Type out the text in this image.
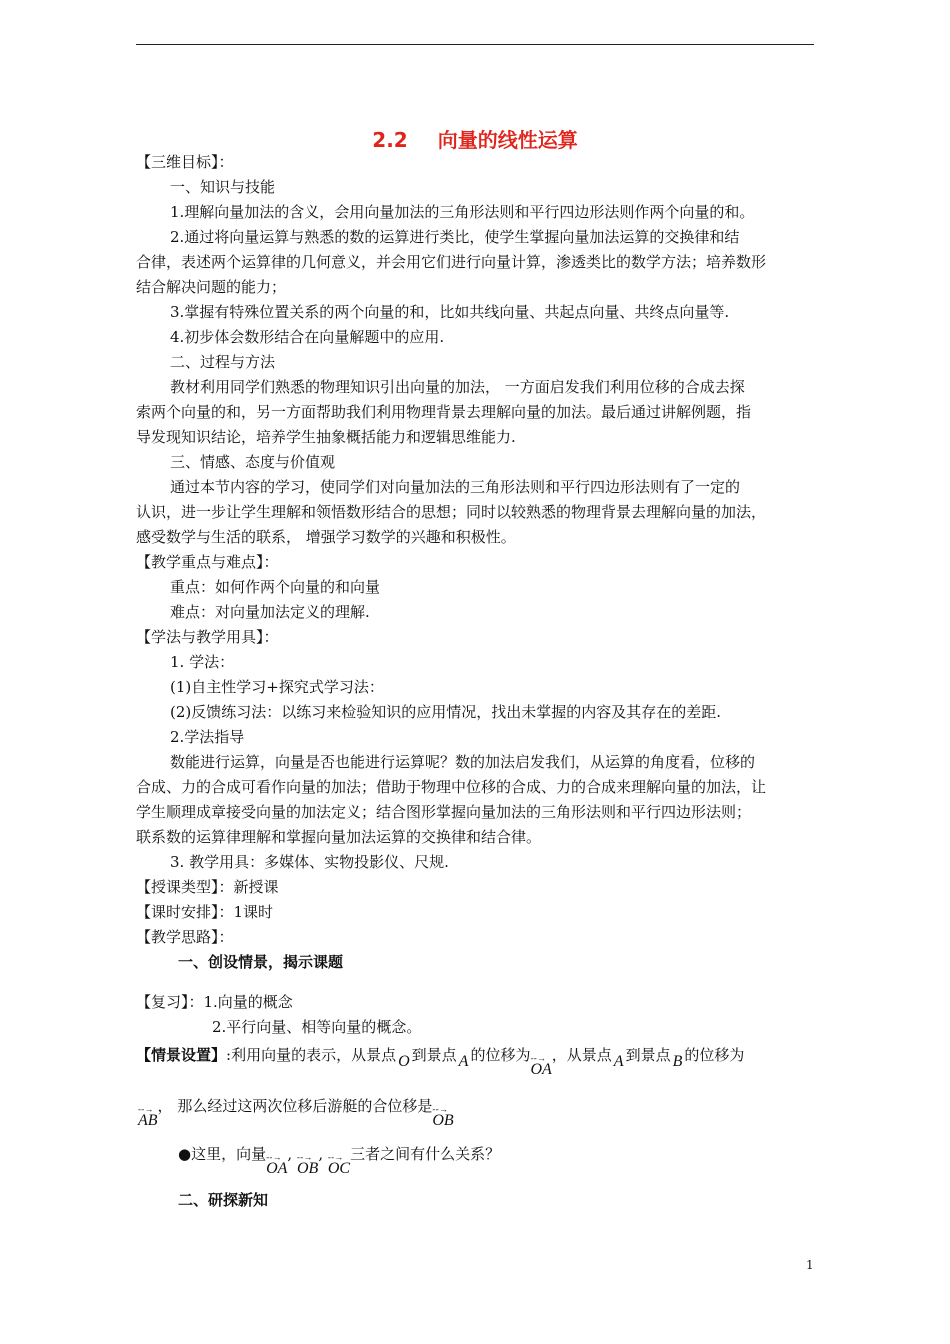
2.2 向量的线性运算
【三维目标】：
一、知识与技能
1.理解向量加法的含义，会用向量加法的三角形法则和平行四边形法则作两个向量的和。
2.通过将向量运算与熟悉的数的运算进行类比，使学生掌握向量加法运算的交换律和结
合律，表述两个运算律的几何意义，并会用它们进行向量计算，渗透类比的数学方法；培养数形
结合解决问题的能力；
3.掌握有特殊位置关系的两个向量的和，比如共线向量、共起点向量、共终点向量等.
4.初步体会数形结合在向量解题中的应用.
二、过程与方法
教材利用同学们熟悉的物理知识引出向量的加法， 一方面启发我们利用位移的合成去探
索两个向量的和，另一方面帮助我们利用物理背景去理解向量的加法。最后通过讲解例题，指
导发现知识结论，培养学生抽象概括能力和逻辑思维能力.
三、情感、态度与价值观
通过本节内容的学习，使同学们对向量加法的三角形法则和平行四边形法则有了一定的
认识，进一步让学生理解和领悟数形结合的思想；同时以较熟悉的物理背景去理解向量的加法，
感受数学与生活的联系， 增强学习数学的兴趣和积极性。
【教学重点与难点】：
重点：如何作两个向量的和向量
难点：对向量加法定义的理解.
【学法与教学用具】：
1. 学法：
(1)自主性学习+探究式学习法：
(2)反馈练习法：以练习来检验知识的应用情况，找出未掌握的内容及其存在的差距.
2.学法指导
数能进行运算，向量是否也能进行运算呢？数的加法启发我们，从运算的角度看，位移的
合成、力的合成可看作向量的加法；借助于物理中位移的合成、力的合成来理解向量的加法，让
学生顺理成章接受向量的加法定义；结合图形掌握向量加法的三角形法则和平行四边形法则；
联系数的运算律理解和掌握向量加法运算的交换律和结合律。
3. 教学用具：多媒体、实物投影仪、尺规.
【授课类型】：新授课
【课时安排】：1课时
【教学思路】：
一、创设情景，揭示课题
【复习】：1.向量的概念
2.平行向量、相等向量的概念。
【情景设置】:利用向量的表示，从景点 O 到景点 A 的位移为- - → OA，从景点 A 到景点 B 的位移为
- - → AB， 那么经过这两次位移后游艇的合位移是- - → OB
●这里，向量- - → OA, - - → OB, - - → OC三者之间有什么关系？
二、研探新知
1
